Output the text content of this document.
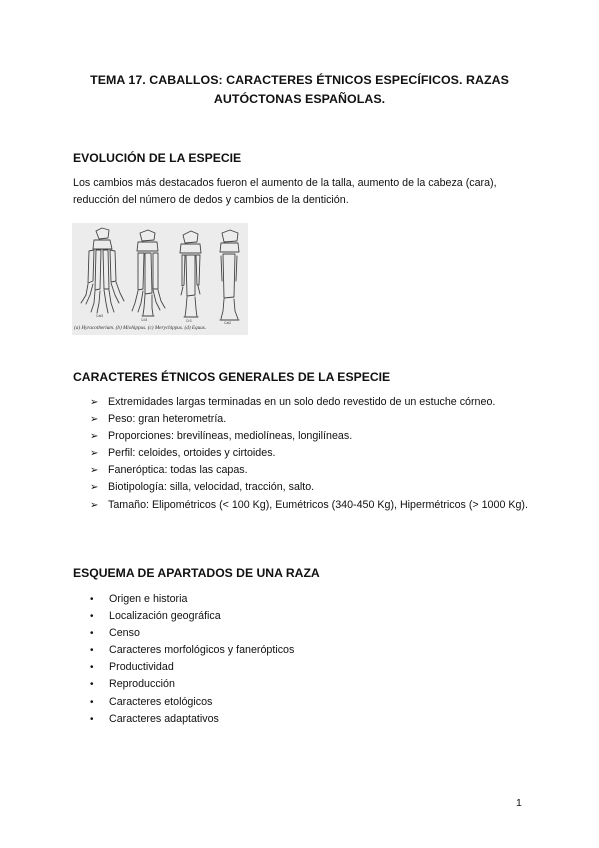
TEMA 17. CABALLOS: CARACTERES ÉTNICOS ESPECÍFICOS. RAZAS
AUTÓCTONAS ESPAÑOLAS.
EVOLUCIÓN DE LA ESPECIE
Los cambios más destacados fueron el aumento de la talla, aumento de la cabeza (cara), reducción del número de dedos y cambios de la dentición.
Cat3
Cd3	Cr3	Cat2
(a) Hyracotherium. (b) Miohippus. (c) Merychippus. (d) Equus.
CARACTERES ÉTNICOS GENERALES DE LA ESPECIE
➢ Extremidades largas terminadas en un solo dedo revestido de un estuche córneo.
➢ Peso: gran heterometría.
➢ Proporciones: brevilíneas, mediolíneas, longilíneas.
➢ Perfil: celoides, ortoides y cirtoides.
➢ Faneróptica: todas las capas.
➢ Biotipología: silla, velocidad, tracción, salto.
➢ Tamaño: Elipométricos (< 100 Kg), Eumétricos (340-450 Kg), Hipermétricos (> 1000 Kg).
ESQUEMA DE APARTADOS DE UNA RAZA
• Origen e historia
• Localización geográfica
• Censo
• Caracteres morfológicos y fanerópticos
• Productividad
• Reproducción
• Caracteres etológicos
• Caracteres adaptativos
1
